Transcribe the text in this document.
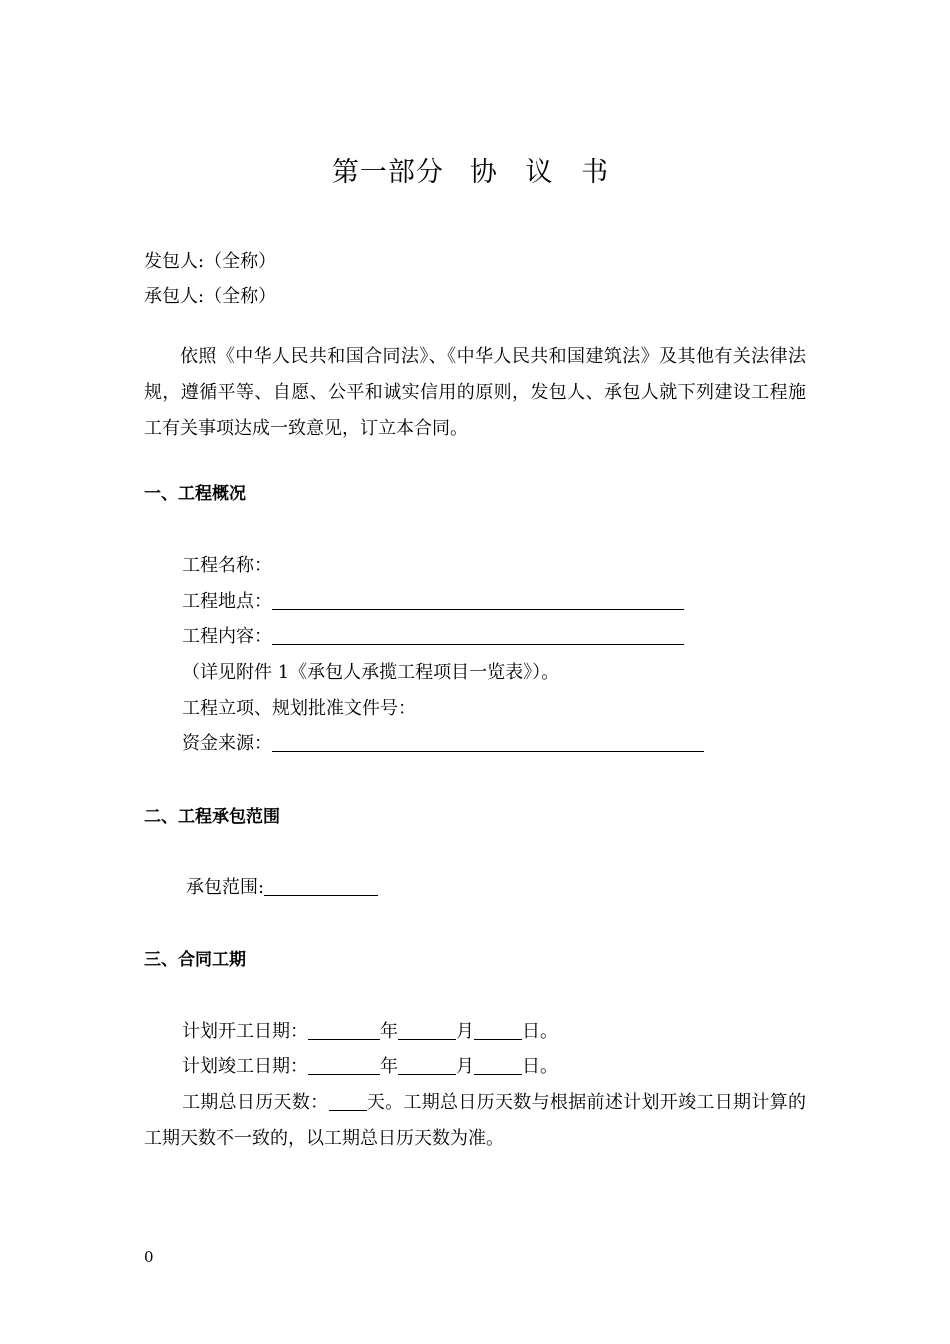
第一部分 协 议 书
发包人:（全称）
承包人:（全称）
依照《中华人民共和国合同法》、《中华人民共和国建筑法》及其他有关法律法规，遵循平等、自愿、公平和诚实信用的原则，发包人、承包人就下列建设工程施工有关事项达成一致意见，订立本合同。
一、工程概况
工程名称：
工程地点：
工程内容：
（详见附件 1《承包人承揽工程项目一览表》）。
工程立项、规划批准文件号：
资金来源：
二、工程承包范围
承包范围:
三、合同工期
计划开工日期：	年	月	日。
计划竣工日期：	年	月	日。
工期总日历天数： 天。工期总日历天数与根据前述计划开竣工日期计算的工期天数不一致的，以工期总日历天数为准。
0
